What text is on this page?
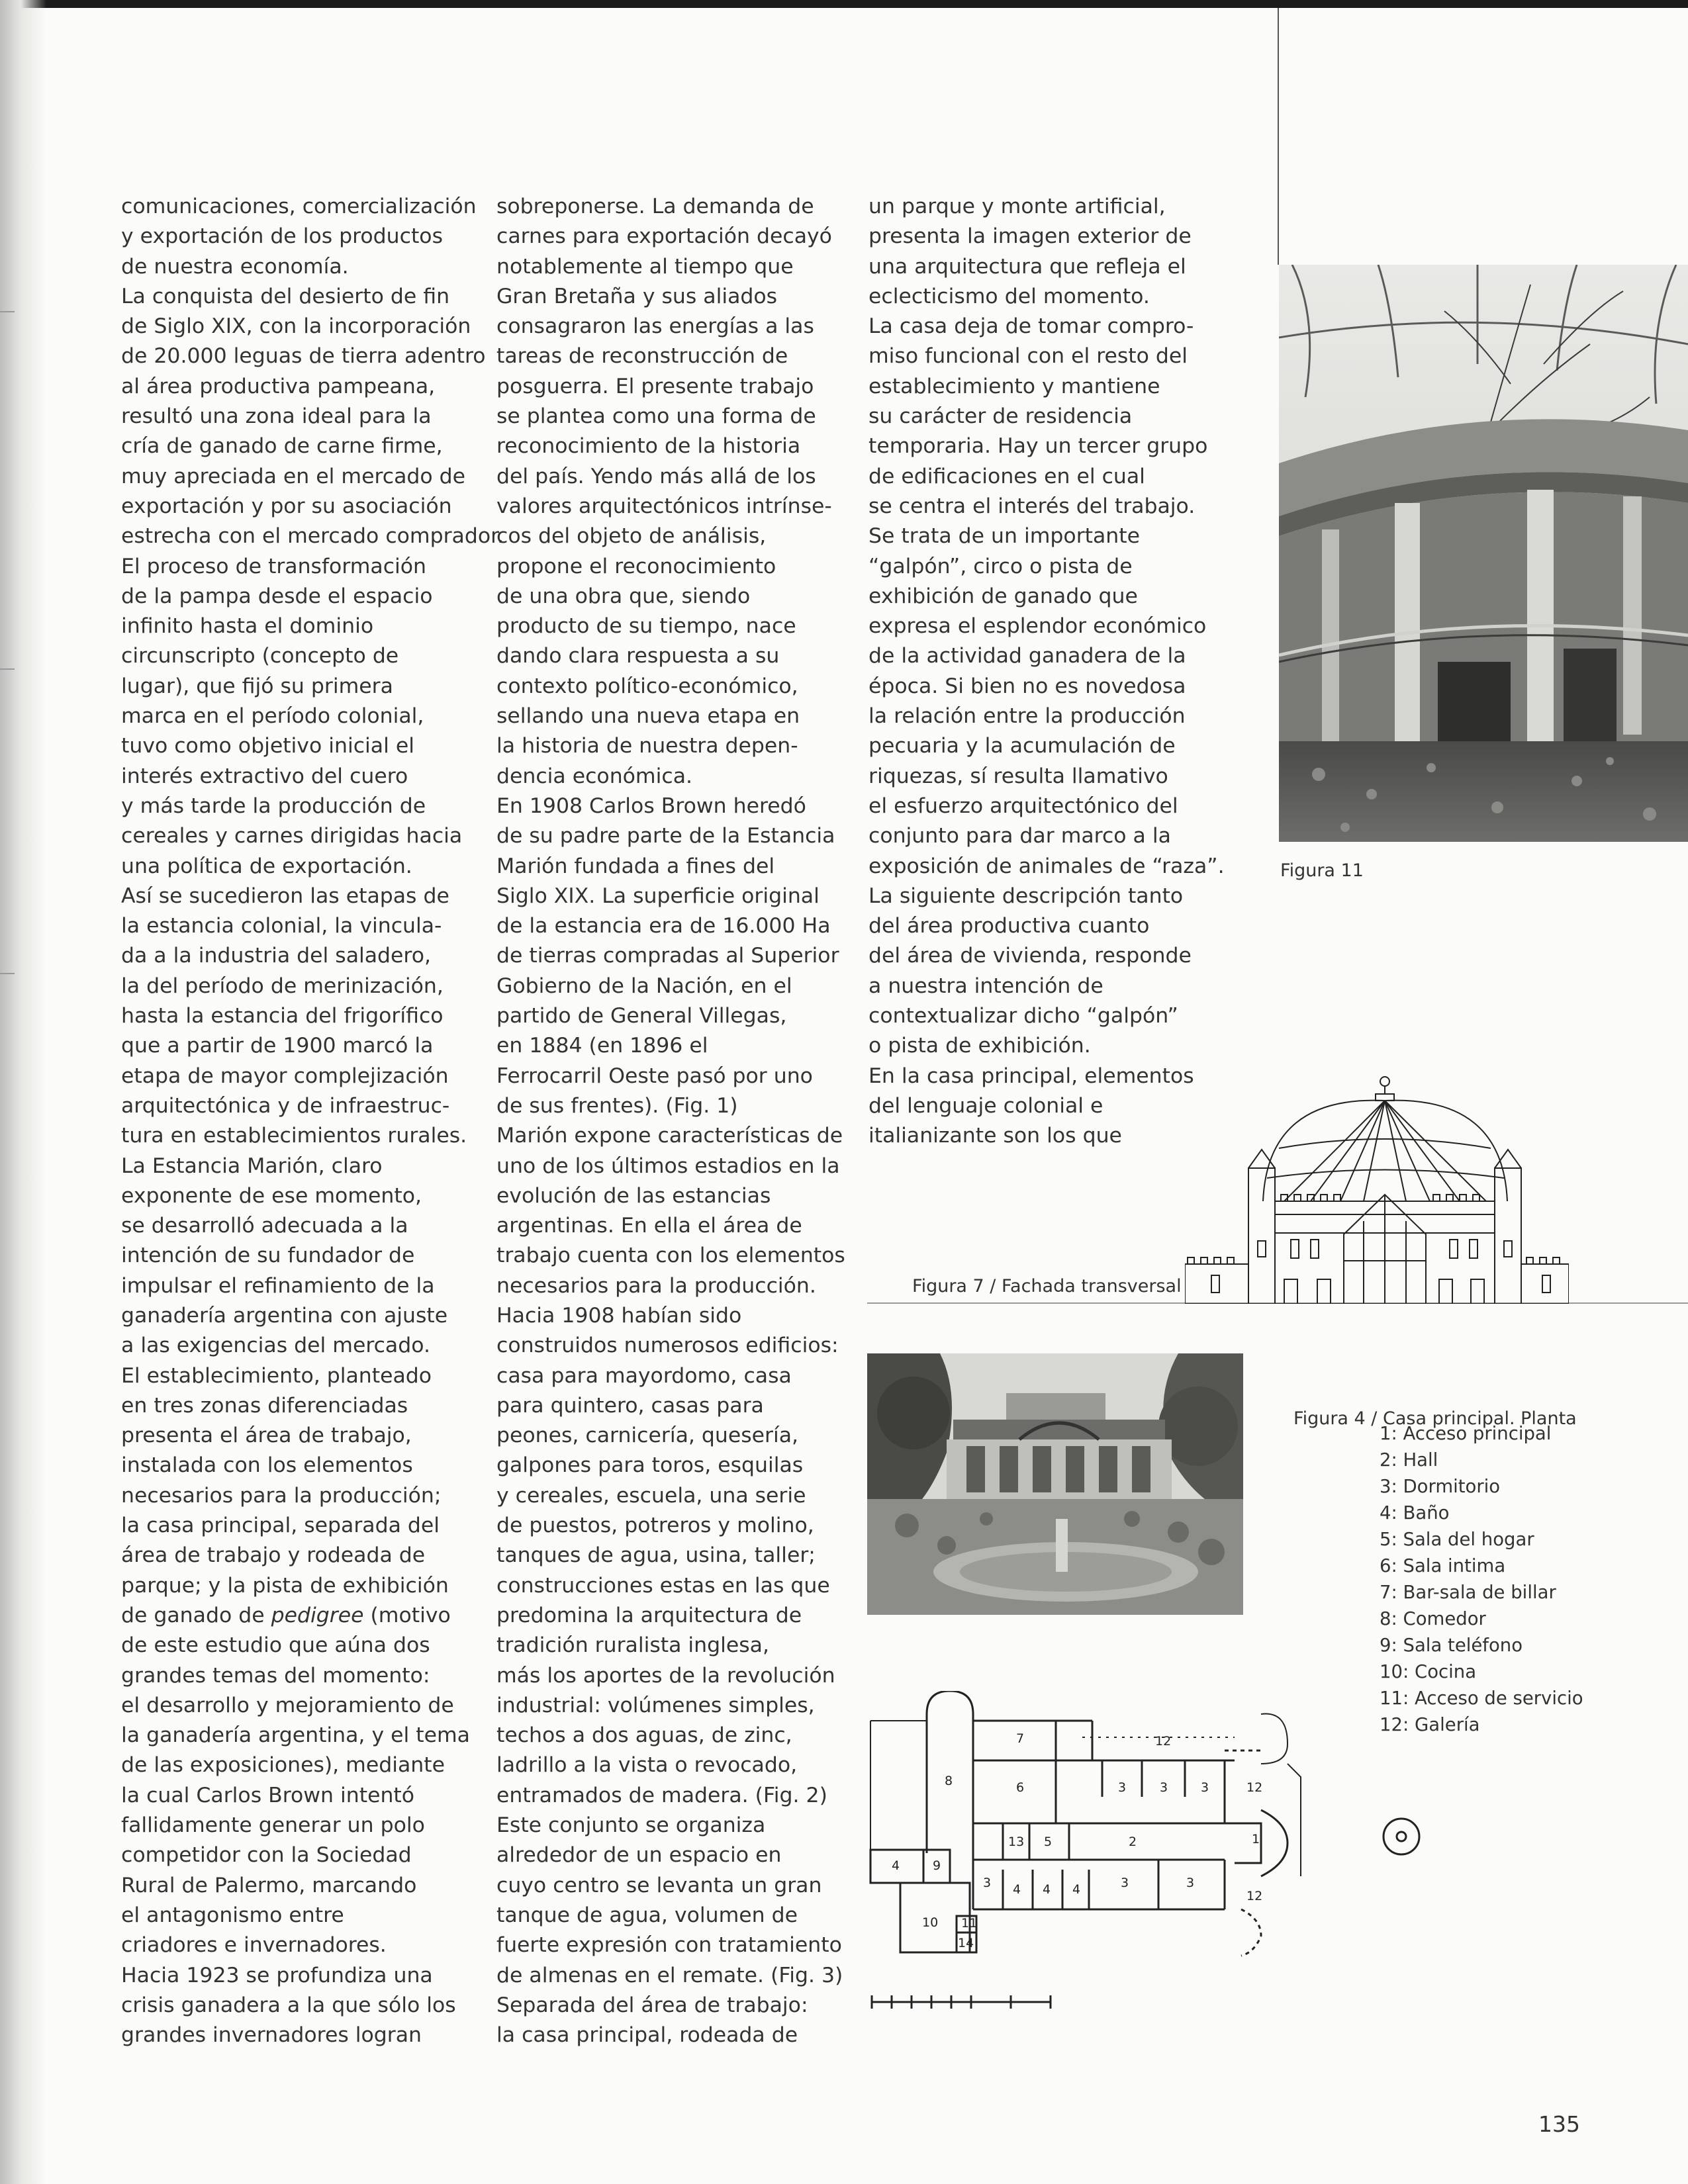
comunicaciones, comercialización
y exportación de los productos
de nuestra economía.
La conquista del desierto de fin
de Siglo XIX, con la incorporación
de 20.000 leguas de tierra adentro
al área productiva pampeana,
resultó una zona ideal para la
cría de ganado de carne firme,
muy apreciada en el mercado de
exportación y por su asociación
estrecha con el mercado comprador.
El proceso de transformación
de la pampa desde el espacio
infinito hasta el dominio
circunscripto (concepto de
lugar), que fijó su primera
marca en el período colonial,
tuvo como objetivo inicial el
interés extractivo del cuero
y más tarde la producción de
cereales y carnes dirigidas hacia
una política de exportación.
Así se sucedieron las etapas de
la estancia colonial, la vincula-
da a la industria del saladero,
la del período de merinización,
hasta la estancia del frigorífico
que a partir de 1900 marcó la
etapa de mayor complejización
arquitectónica y de infraestruc-
tura en establecimientos rurales.
La Estancia Marión, claro
exponente de ese momento,
se desarrolló adecuada a la
intención de su fundador de
impulsar el refinamiento de la
ganadería argentina con ajuste
a las exigencias del mercado.
El establecimiento, planteado
en tres zonas diferenciadas
presenta el área de trabajo,
instalada con los elementos
necesarios para la producción;
la casa principal, separada del
área de trabajo y rodeada de
parque; y la pista de exhibición
de ganado de pedigree (motivo
de este estudio que aúna dos
grandes temas del momento:
el desarrollo y mejoramiento de
la ganadería argentina, y el tema
de las exposiciones), mediante
la cual Carlos Brown intentó
fallidamente generar un polo
competidor con la Sociedad
Rural de Palermo, marcando
el antagonismo entre
criadores e invernadores.
Hacia 1923 se profundiza una
crisis ganadera a la que sólo los
grandes invernadores logran
sobreponerse. La demanda de
carnes para exportación decayó
notablemente al tiempo que
Gran Bretaña y sus aliados
consagraron las energías a las
tareas de reconstrucción de
posguerra. El presente trabajo
se plantea como una forma de
reconocimiento de la historia
del país. Yendo más allá de los
valores arquitectónicos intrínse-
cos del objeto de análisis,
propone el reconocimiento
de una obra que, siendo
producto de su tiempo, nace
dando clara respuesta a su
contexto político-económico,
sellando una nueva etapa en
la historia de nuestra depen-
dencia económica.
En 1908 Carlos Brown heredó
de su padre parte de la Estancia
Marión fundada a fines del
Siglo XIX. La superficie original
de la estancia era de 16.000 Ha
de tierras compradas al Superior
Gobierno de la Nación, en el
partido de General Villegas,
en 1884 (en 1896 el
Ferrocarril Oeste pasó por uno
de sus frentes). (Fig. 1)
Marión expone características de
uno de los últimos estadios en la
evolución de las estancias
argentinas. En ella el área de
trabajo cuenta con los elementos
necesarios para la producción.
Hacia 1908 habían sido
construidos numerosos edificios:
casa para mayordomo, casa
para quintero, casas para
peones, carnicería, quesería,
galpones para toros, esquilas
y cereales, escuela, una serie
de puestos, potreros y molino,
tanques de agua, usina, taller;
construcciones estas en las que
predomina la arquitectura de
tradición ruralista inglesa,
más los aportes de la revolución
industrial: volúmenes simples,
techos a dos aguas, de zinc,
ladrillo a la vista o revocado,
entramados de madera. (Fig. 2)
Este conjunto se organiza
alrededor de un espacio en
cuyo centro se levanta un gran
tanque de agua, volumen de
fuerte expresión con tratamiento
de almenas en el remate. (Fig. 3)
Separada del área de trabajo:
la casa principal, rodeada de
un parque y monte artificial,
presenta la imagen exterior de
una arquitectura que refleja el
eclecticismo del momento.
La casa deja de tomar compro-
miso funcional con el resto del
establecimiento y mantiene
su carácter de residencia
temporaria. Hay un tercer grupo
de edificaciones en el cual
se centra el interés del trabajo.
Se trata de un importante
“galpón”, circo o pista de
exhibición de ganado que
expresa el esplendor económico
de la actividad ganadera de la
época. Si bien no es novedosa
la relación entre la producción
pecuaria y la acumulación de
riquezas, sí resulta llamativo
el esfuerzo arquitectónico del
conjunto para dar marco a la
exposición de animales de “raza”.
La siguiente descripción tanto
del área productiva cuanto
del área de vivienda, responde
a nuestra intención de
contextualizar dicho “galpón”
o pista de exhibición.
En la casa principal, elementos
del lenguaje colonial e
italianizante son los que
Figura 11
Figura 7 / Fachada transversal
7	12
8	6	3	3	3	12
13 5	2	1
4	9
3 4 4 4	3	3
12
10 11
14
Figura 4 / Casa principal. Planta
1: Acceso principal
2: Hall
3: Dormitorio
4: Baño
5: Sala del hogar
6: Sala intima
7: Bar-sala de billar
8: Comedor
9: Sala teléfono
10: Cocina
11: Acceso de servicio
12: Galería
135
